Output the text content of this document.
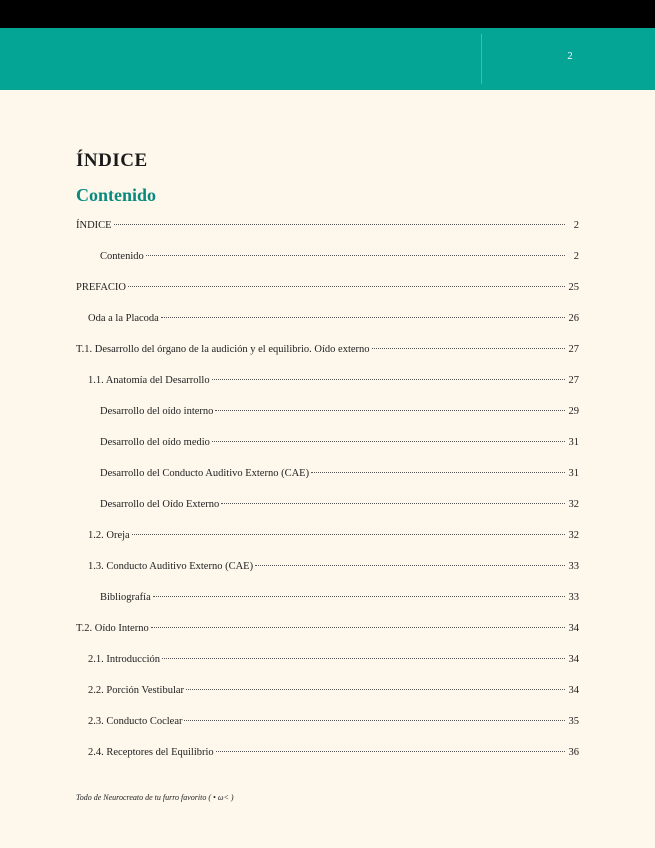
2
ÍNDICE
Contenido
ÍNDICE	2
Contenido	2
PREFACIO	25
Oda a la Placoda	26
T.1. Desarrollo del órgano de la audición y el equilibrio. Oído externo	27
1.1. Anatomía del Desarrollo	27
Desarrollo del oído interno	29
Desarrollo del oído medio	31
Desarrollo del Conducto Auditivo Externo (CAE)	31
Desarrollo del Oído Externo	32
1.2. Oreja	32
1.3. Conducto Auditivo Externo (CAE)	33
Bibliografía	33
T.2. Oído Interno	34
2.1. Introducción	34
2.2. Porción Vestibular	34
2.3. Conducto Coclear	35
2.4. Receptores del Equilibrio	36
Todo de Neurocreato de tu furro favorito ( • ω< )
